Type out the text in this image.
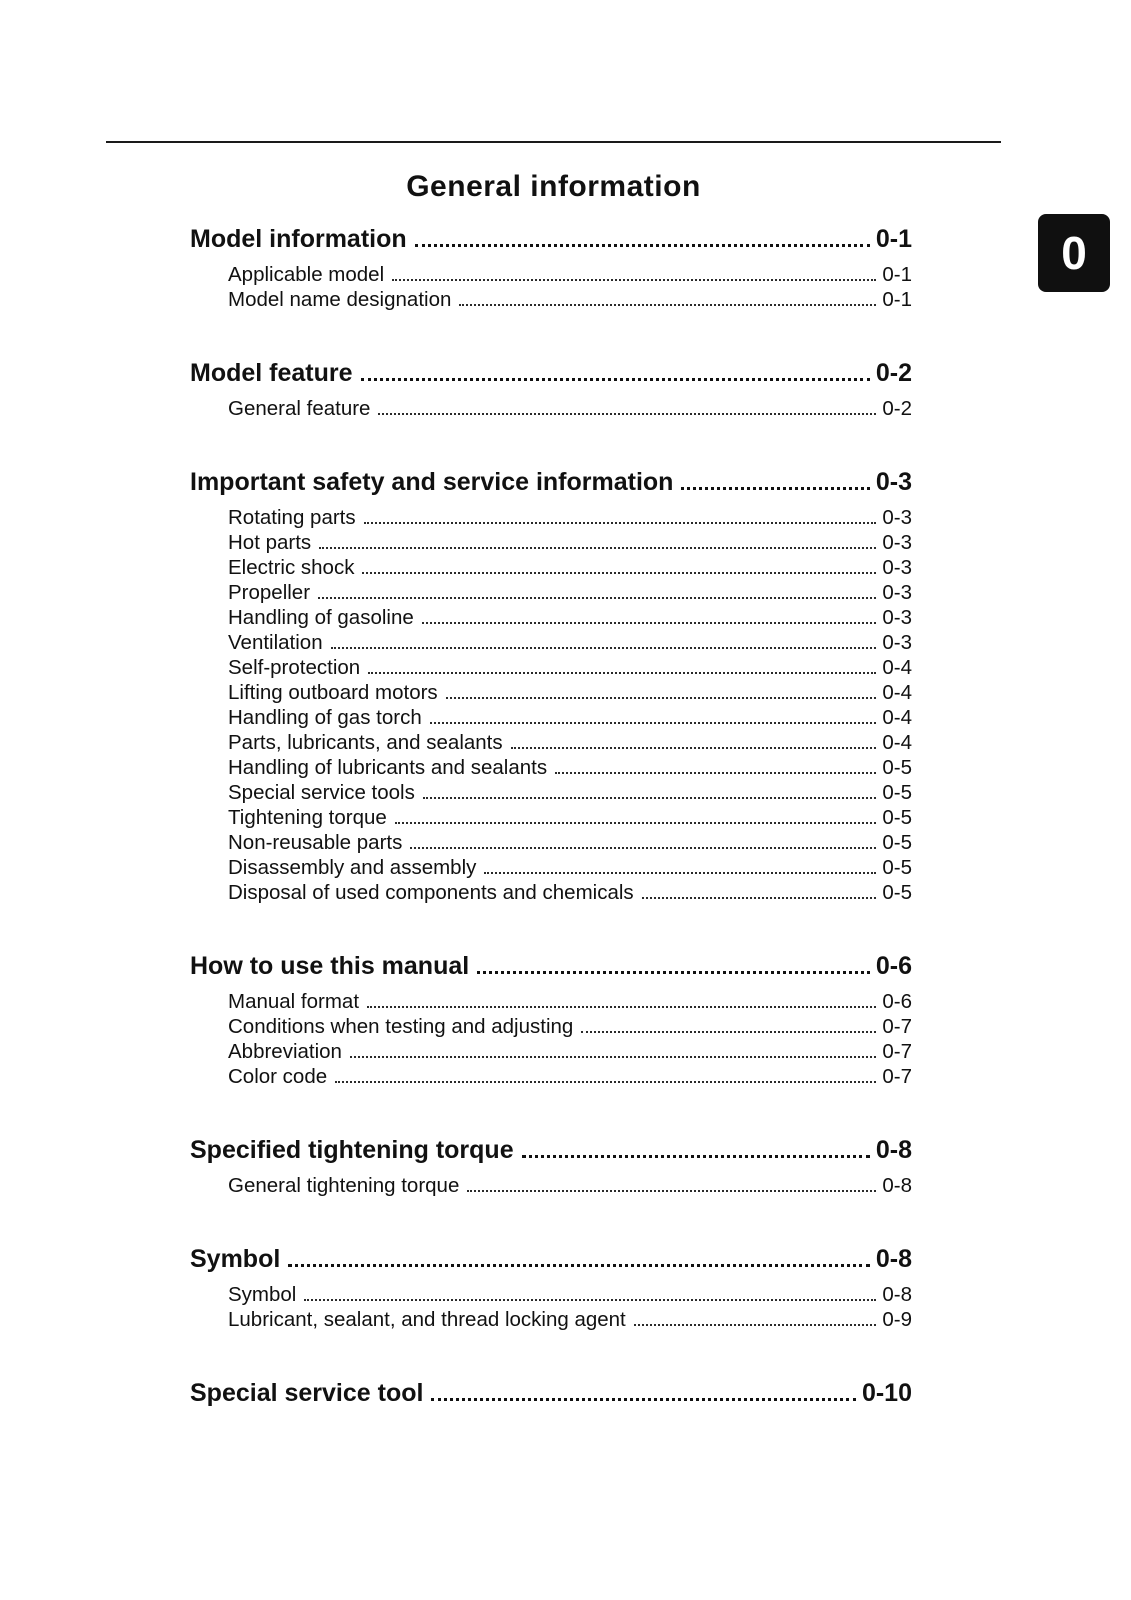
General information
0
Model information	0-1
Applicable model	0-1
Model name designation	0-1
Model feature	0-2
General feature	0-2
Important safety and service information	0-3
Rotating parts	0-3
Hot parts	0-3
Electric shock	0-3
Propeller	0-3
Handling of gasoline	0-3
Ventilation	0-3
Self-protection	0-4
Lifting outboard motors	0-4
Handling of gas torch	0-4
Parts, lubricants, and sealants	0-4
Handling of lubricants and sealants	0-5
Special service tools	0-5
Tightening torque	0-5
Non-reusable parts	0-5
Disassembly and assembly	0-5
Disposal of used components and chemicals	0-5
How to use this manual	0-6
Manual format	0-6
Conditions when testing and adjusting	0-7
Abbreviation	0-7
Color code	0-7
Specified tightening torque	0-8
General tightening torque	0-8
Symbol	0-8
Symbol	0-8
Lubricant, sealant, and thread locking agent	0-9
Special service tool	0-10
